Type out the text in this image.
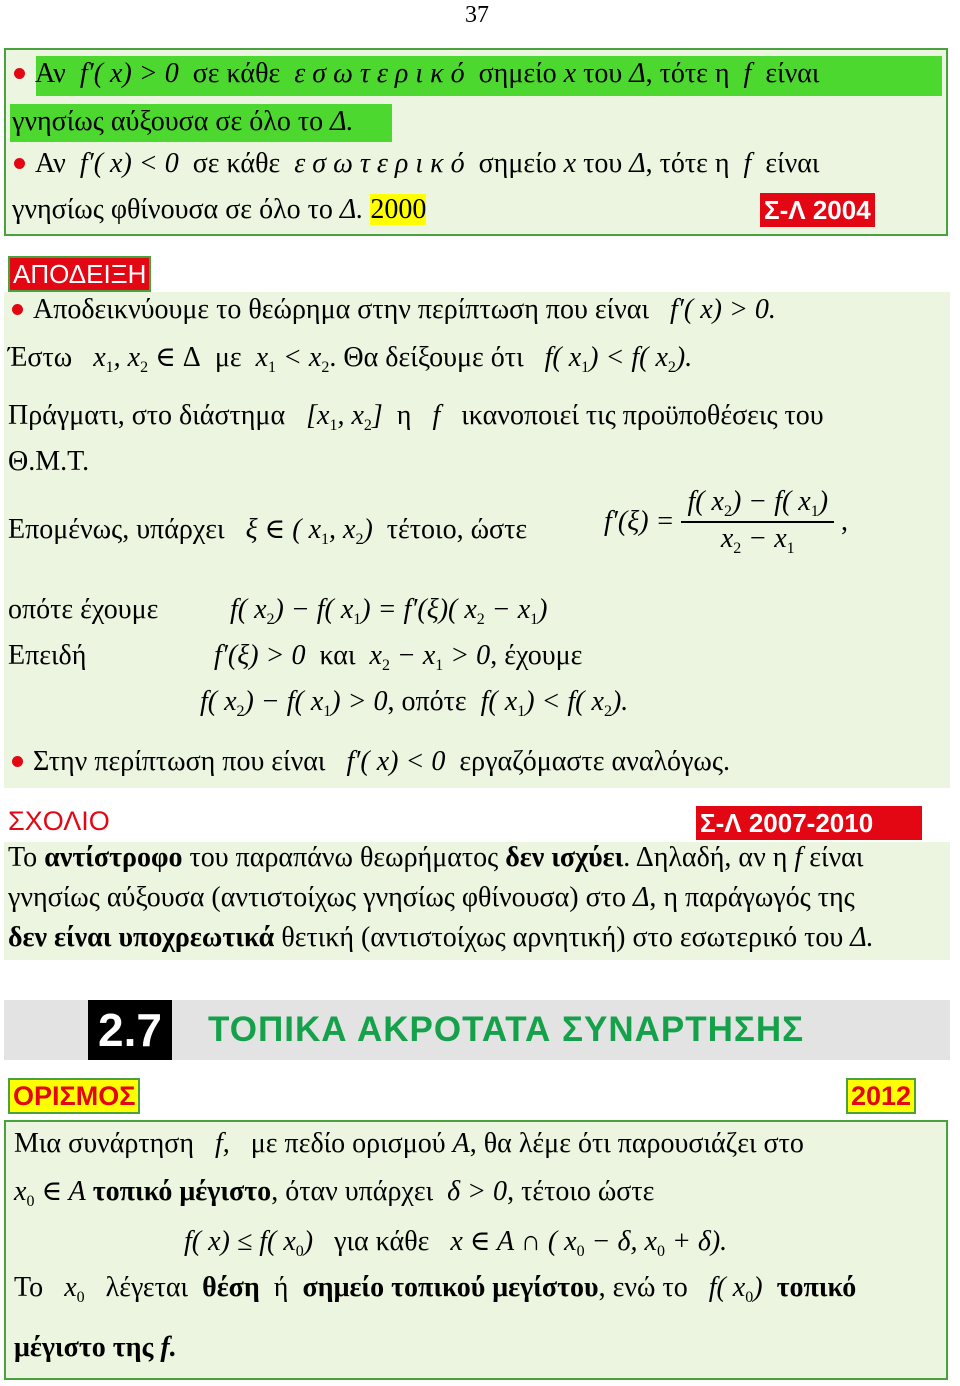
37
Αν f′( x) > 0 σε κάθε ε σ ω τ ε ρ ι κ ό σημείο x του Δ, τότε η f είναι
γνησίως αύξουσα σε όλο το Δ.
Αν f′( x) < 0 σε κάθε ε σ ω τ ε ρ ι κ ό σημείο x του Δ, τότε η f είναι
γνησίως φθίνουσα σε όλο το Δ. 2000	Σ-Λ 2004
ΑΠΟΔΕΙΞΗ
Αποδεικνύουμε το θεώρημα στην περίπτωση που είναι f′( x) > 0.
Έστω $x_1$, $x_2$ ∈ Δ  με $x_1 < x_2$. Θα δείξουμε ότι f( $x_1) < f$( $x_2$).
Πράγματι, στο διάστημα [$x_1$, $x_2$] η f ικανοποιεί τις προϋποθέσεις του
Θ.Μ.Τ.
Επομένως, υπάρχει ξ ∈ ( $x_1$, $x_2$) τέτοιο, ώστε	$f'(\xi) = \frac{f( x_2) - f( x_1)}{x_2 - x_1}$ ,
οπότε έχουμε	f( $x_2) - f$( $x_1) = f'(\xi)$( $x_2 - x_1$)
Επειδή	f′(ξ) > 0 και $x_2 - x_1 > 0$, έχουμε
f( $x_2) - f$( $x_1) > 0$, οπότε f( $x_1) < f$( $x_2$).
Στην περίπτωση που είναι f′( x) < 0 εργαζόμαστε αναλόγως.
ΣΧΟΛΙΟ	Σ-Λ 2007-2010
Το αντίστροφο του παραπάνω θεωρήματος δεν ισχύει. Δηλαδή, αν η f είναι
γνησίως αύξουσα (αντιστοίχως γνησίως φθίνουσα) στο Δ, η παράγωγός της
δεν είναι υποχρεωτικά θετική (αντιστοίχως αρνητική) στο εσωτερικό του Δ.
2.7 ΤΟΠΙΚΑ ΑΚΡΟΤΑΤΑ ΣΥΝΑΡΤΗΣΗΣ
ΟΡΙΣΜΟΣ	2012
Μια συνάρτηση f, με πεδίο ορισμού Α, θα λέμε ότι παρουσιάζει στο
$x_0$ ∈ A τοπικό μέγιστο, όταν υπάρχει δ > 0, τέτοιο ώστε
f( x) ≤ f( $x_0$) για κάθε x ∈ A ∩ ( $x_0 - \delta$, $x_0 + \delta$).
Το $x_0$ λέγεται θέση ή σημείο τοπικού μεγίστου, ενώ το f( $x_0$) τοπικό
μέγιστο της f.
